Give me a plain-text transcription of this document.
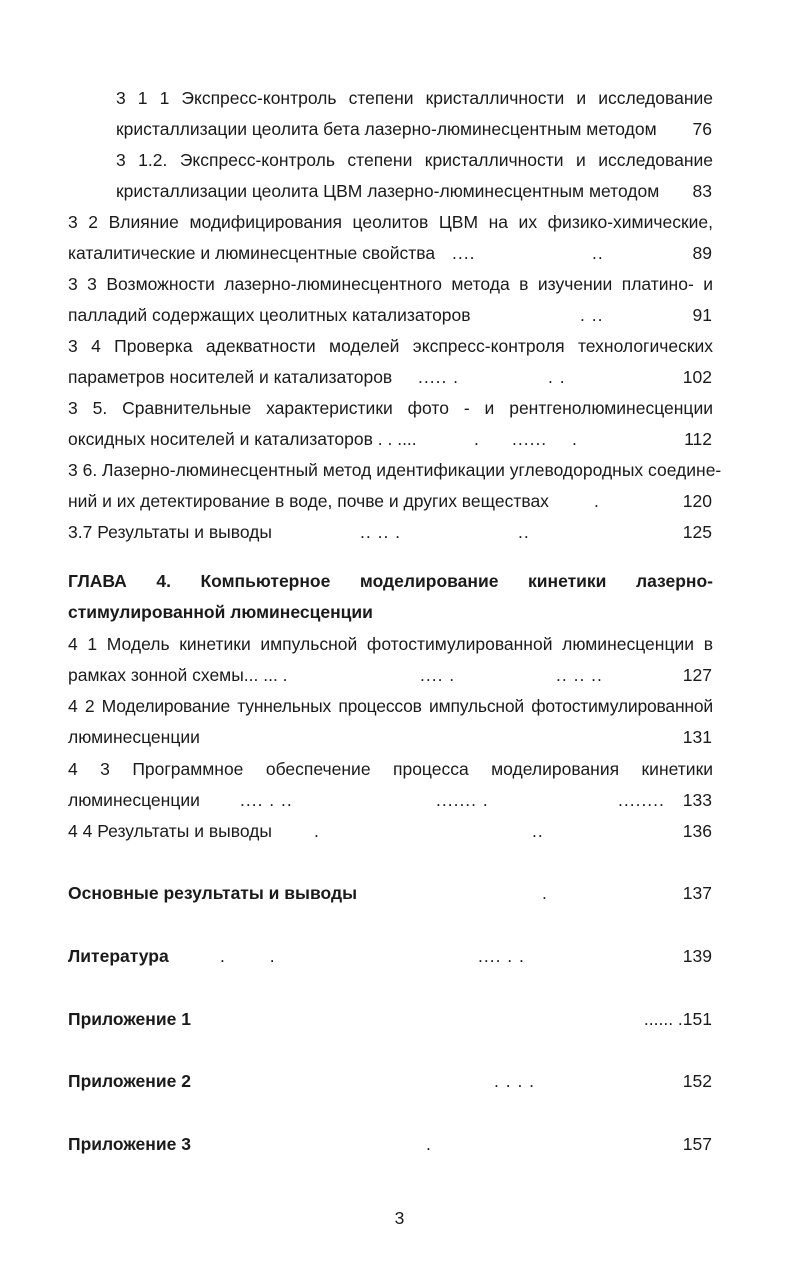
3 1 1 Экспресс-контроль степени кристалличности и исследование
кристаллизации цеолита бета лазерно-люминесцентным методом 76
3 1.2. Экспресс-контроль степени кристалличности и исследование
кристаллизации цеолита ЦВМ лазерно-люминесцентным методом 83
3 2 Влияние модифицирования цеолитов ЦВМ на их физико-химические,
каталитические и люминесцентные свойства ....	..	89
3 3 Возможности лазерно-люминесцентного метода в изучении платино- и
палладий содержащих цеолитных катализаторов	. ..	91
3 4 Проверка адекватности моделей экспресс-контроля технологических
параметров носителей и катализаторов ..... .	. .	102
3 5. Сравнительные характеристики фото - и рентгенолюминесценции
оксидных носителей и катализаторов . . ....	. ...... .	112
3 6. Лазерно-люминесцентный метод идентификации углеводородных соедине-
ний и их детектирование в воде, почве и других веществах	.	120
3.7 Результаты и выводы	.. .. .	..	125
ГЛАВА 4. Компьютерное моделирование кинетики лазерно-
стимулированной люминесценции
4 1 Модель кинетики импульсной фотостимулированной люминесценции в
рамках зонной схемы... ... .	.... .	.. .. ..	127
4 2 Моделирование туннельных процессов импульсной фотостимулированной
люминесценции	131
4 3 Программное обеспечение процесса моделирования кинетики
люминесценции .... . ..	....... .	........ 133
4 4 Результаты и выводы .	..	136
Основные результаты и выводы	.	137
Литература	. .	.... . .	139
Приложение 1	...... .151
Приложение 2	. . . .	152
Приложение 3	.	157
3
